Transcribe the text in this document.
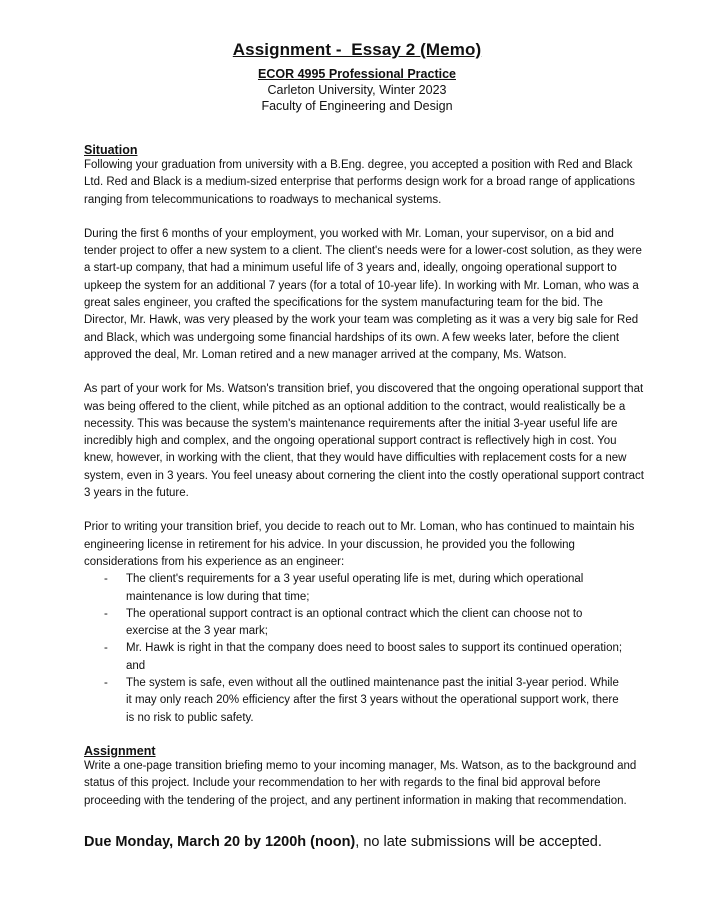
Assignment -  Essay 2 (Memo)
ECOR 4995 Professional Practice
Carleton University, Winter 2023
Faculty of Engineering and Design
Situation

Following your graduation from university with a B.Eng. degree, you accepted a position with Red and Black Ltd. Red and Black is a medium-sized enterprise that performs design work for a broad range of applications ranging from telecommunications to roadways to mechanical systems.

During the first 6 months of your employment, you worked with Mr. Loman, your supervisor, on a bid and tender project to offer a new system to a client. The client's needs were for a lower-cost solution, as they were a start-up company, that had a minimum useful life of 3 years and, ideally, ongoing operational support to upkeep the system for an additional 7 years (for a total of 10-year life). In working with Mr. Loman, who was a great sales engineer, you crafted the specifications for the system manufacturing team for the bid. The Director, Mr. Hawk, was very pleased by the work your team was completing as it was a very big sale for Red and Black, which was undergoing some financial hardships of its own. A few weeks later, before the client approved the deal, Mr. Loman retired and a new manager arrived at the company, Ms. Watson.

As part of your work for Ms. Watson's transition brief, you discovered that the ongoing operational support that was being offered to the client, while pitched as an optional addition to the contract, would realistically be a necessity. This was because the system's maintenance requirements after the initial 3-year useful life are incredibly high and complex, and the ongoing operational support contract is reflectively high in cost. You knew, however, in working with the client, that they would have difficulties with replacement costs for a new system, even in 3 years. You feel uneasy about cornering the client into the costly operational support contract 3 years in the future.

Prior to writing your transition brief, you decide to reach out to Mr. Loman, who has continued to maintain his engineering license in retirement for his advice. In your discussion, he provided you the following considerations from his experience as an engineer:

- The client's requirements for a 3 year useful operating life is met, during which operational maintenance is low during that time;
- The operational support contract is an optional contract which the client can choose not to exercise at the 3 year mark;
- Mr. Hawk is right in that the company does need to boost sales to support its continued operation; and
- The system is safe, even without all the outlined maintenance past the initial 3-year period. While it may only reach 20% efficiency after the first 3 years without the operational support work, there is no risk to public safety.
Assignment

Write a one-page transition briefing memo to your incoming manager, Ms. Watson, as to the background and status of this project. Include your recommendation to her with regards to the final bid approval before proceeding with the tendering of the project, and any pertinent information in making that recommendation.

Due Monday, March 20 by 1200h (noon), no late submissions will be accepted.
